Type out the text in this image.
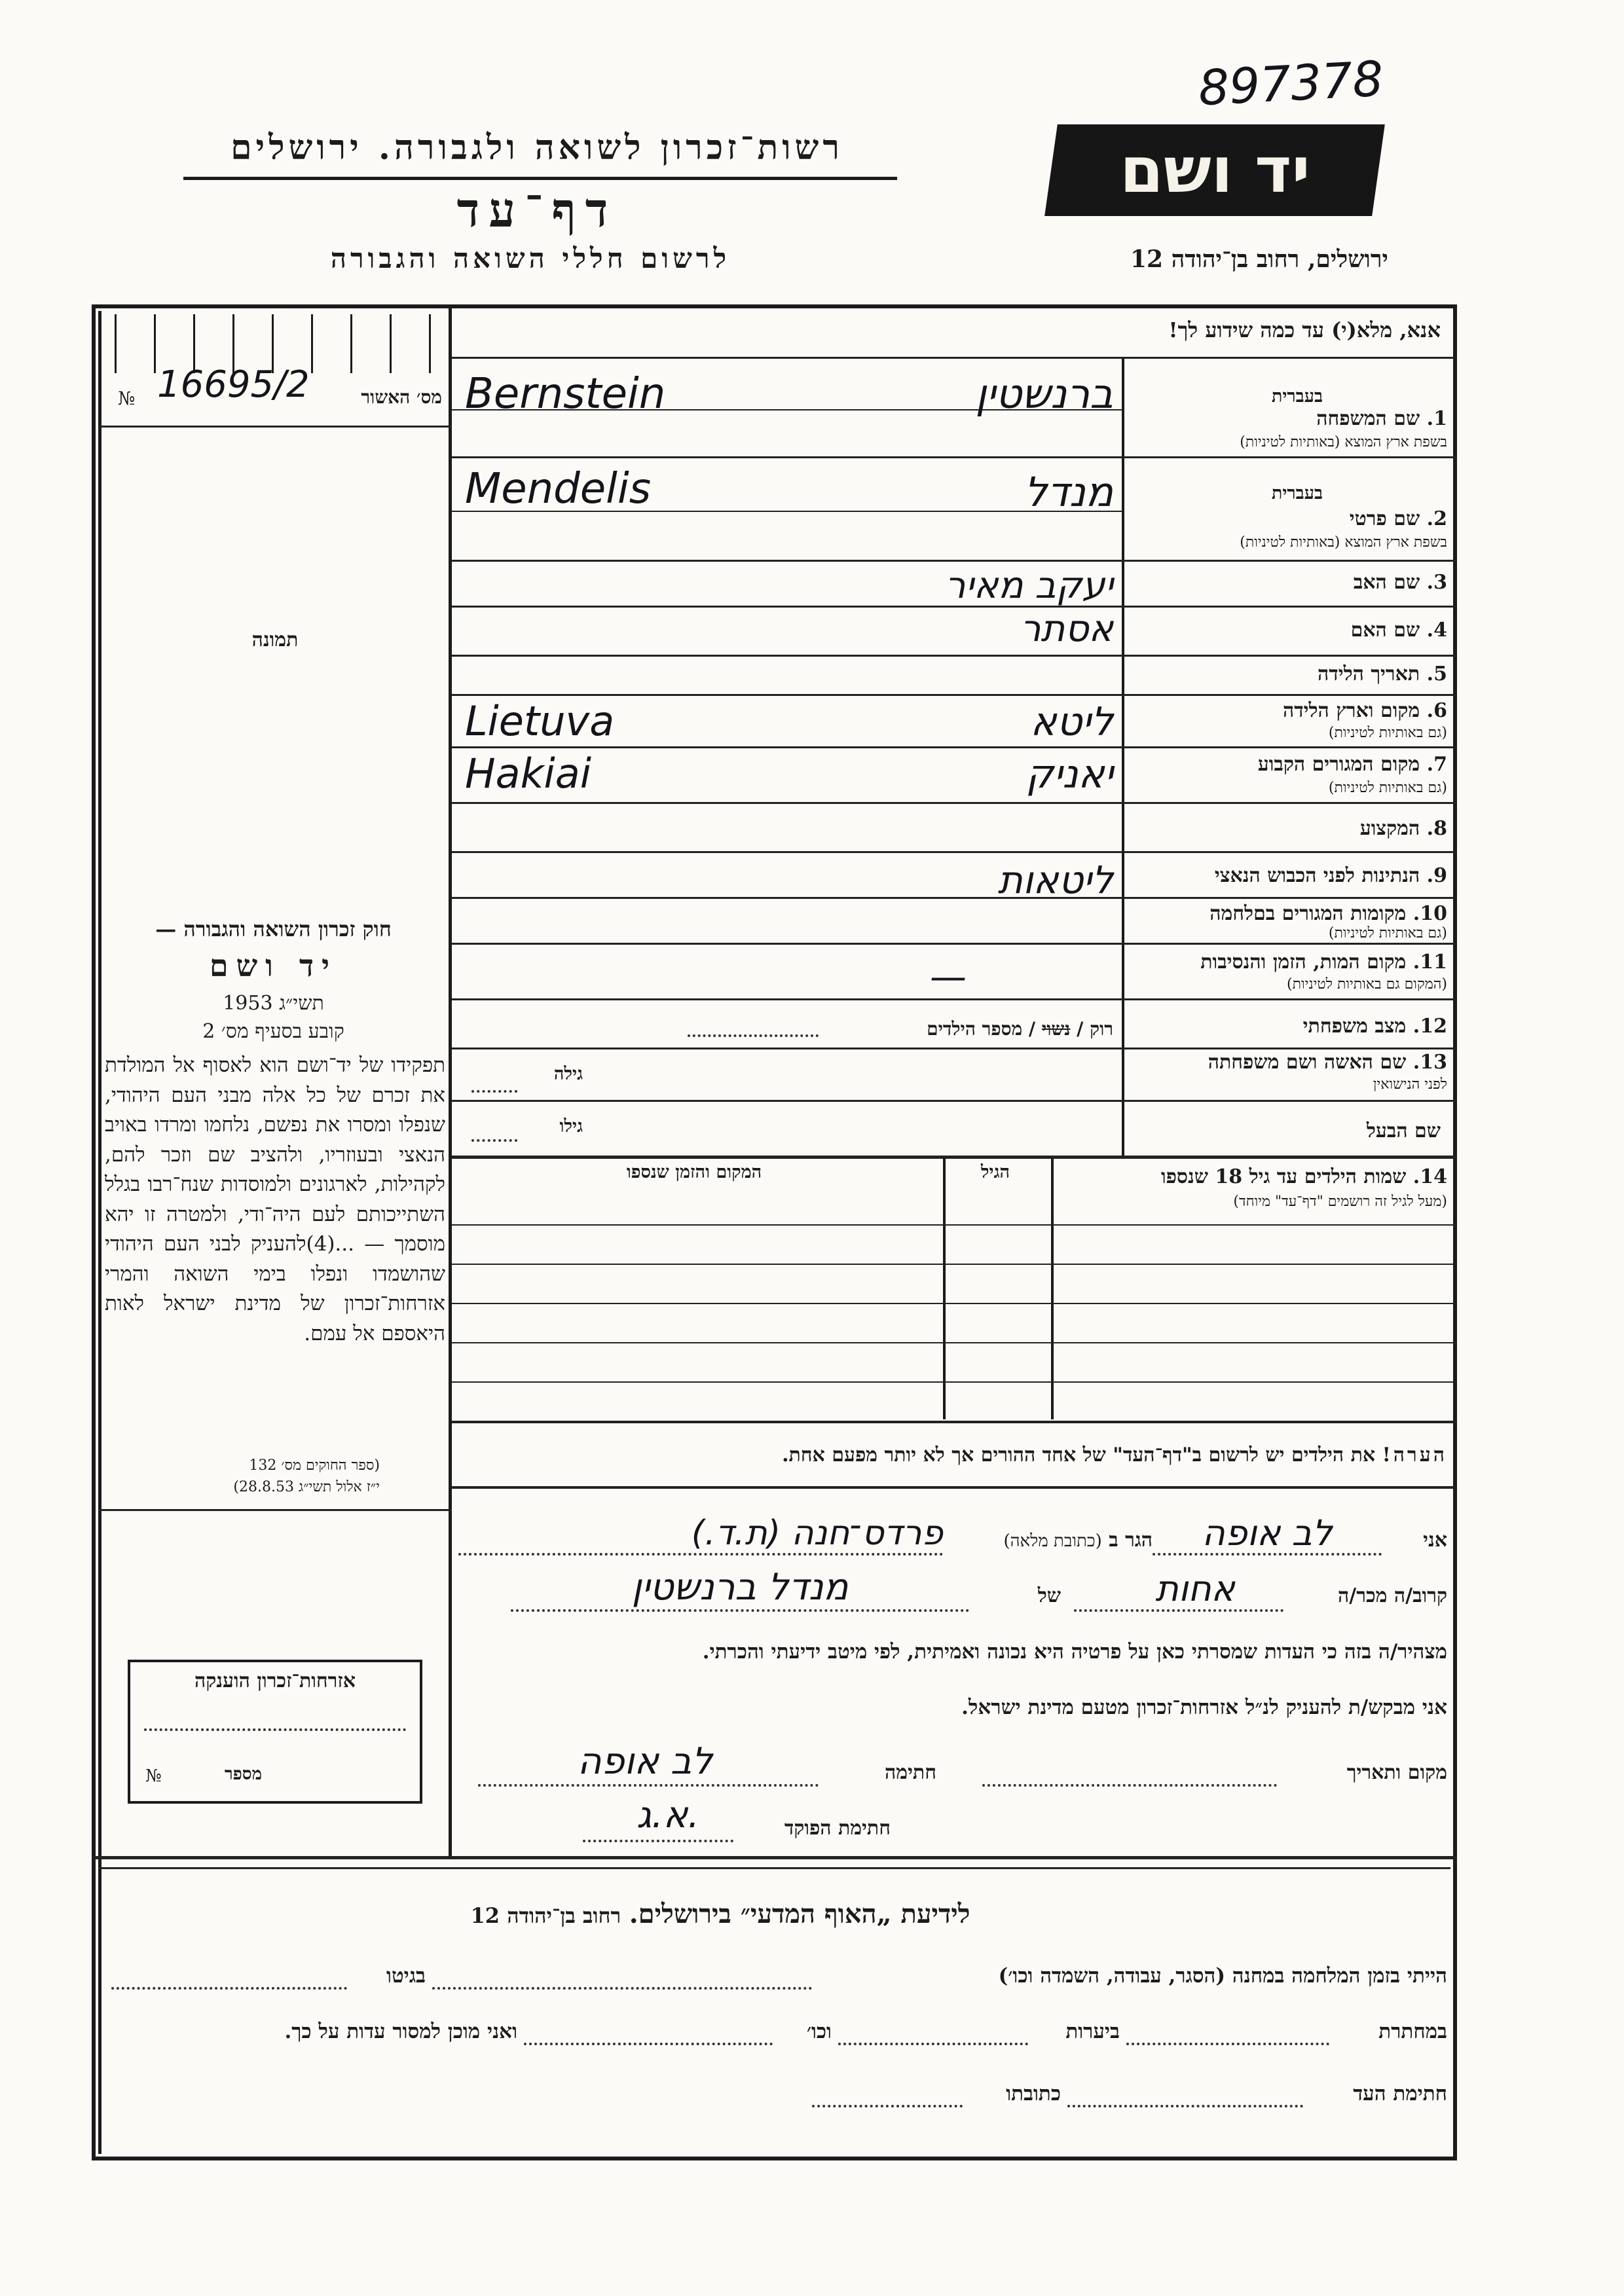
897378
יד ושם
רשות־זכרון לשואה ולגבורה. ירושלים
דף־עד
לרשום חללי השואה והגבורה	ירושלים, רחוב בן־יהודה 12
אנא, מלא(י) עד כמה שידוע לך!
№ 16695/2	מס׳ האשור
תמונה
בעברית
1. שם המשפחה
בשפת ארץ המוצא (באותיות לטיניות)
ברנשטין
Bernstein
בעברית
2. שם פרטי
בשפת ארץ המוצא (באותיות לטיניות)
מנדל
Mendelis
3. שם האב
יעקב מאיר
4. שם האם
אסתר
5. תאריך הלידה
6. מקום וארץ הלידה
(גם באותיות לטיניות)
ליטא
Lietuva
7. מקום המגורים הקבוע
(גם באותיות לטיניות)
יאניק
Hakiai
8. המקצוע
9. הנתינות לפני הכבוש הנאצי
ליטאות
10. מקומות המגורים בםלחמה
(גם באותיות לטיניות)
11. מקום המות, הזמן והנסיבות
(המקום גם באותיות לטיניות)
—
12. מצב משפחתי
רוק / נשוי / מספר הילדים
13. שם האשה ושם משפחתה
לפני הנישואין
גילה
שם הבעל
גילו
14. שמות הילדים עד גיל 18 שנספו
(מעל לגיל זה רושמים "דף־עד" מיוחד)
הגיל
המקום והזמן שנספו
הערה! את הילדים יש לרשום ב"דף־העד" של אחד ההורים אך לא יותר מפעם אחת.
חוק זכרון השואה והגבורה —
יד ושם
1953 תשי״ג
קובע בסעיף מס׳ 2
תפקידו של יד־ושם הוא לאסוף אל המולדת את זכרם של כל אלה מבני העם היהודי, שנפלו ומסרו את נפשם, נלחמו ומרדו באויב הנאצי ובעוזריו, ולהציב שם וזכר להם, לקהילות, לארגונים ולמוסדות שנח־רבו בגלל השתייכותם לעם היה־ודי, ולמטרה זו יהא מוסמך — ...(4)להעניק לבני העם היהודי שהושמדו ונפלו בימי השואה והמרי אזרחות־זכרון של מדינת ישראל לאות היאספם אל עמם.
(ספר החוקים מס׳ 132
י״ז אלול תשי״ג 28.8.53)
אזרחות־זכרון הוענקה
מספר
№
אני
לב אופה
הגר ב (כתובת מלאה)
פרדס־חנה (ת.ד.)
קרוב/ה מכר/ה
אחות
של
מנדל ברנשטין
מצהיר/ה בזה כי העדות שמסרתי כאן על פרטיה היא נכונה ואמיתית, לפי מיטב ידיעתי והכרתי.
אני מבקש/ת להעניק לנ״ל אזרחות־זכרון מטעם מדינת ישראל.
מקום ותאריך
חתימה
לב אופה
חתימת הפוקד
א.ג.
לידיעת „האוף המדעי״ בירושלים. רחוב בן־יהודה 12
הייתי בזמן המלחמה במחנה (הסגר, עבודה, השמדה וכו׳)
בגיטו
במחתרת
ביערות
וכו׳
ואני מוכן למסור עדות על כך.
חתימת העד
כתובתו
